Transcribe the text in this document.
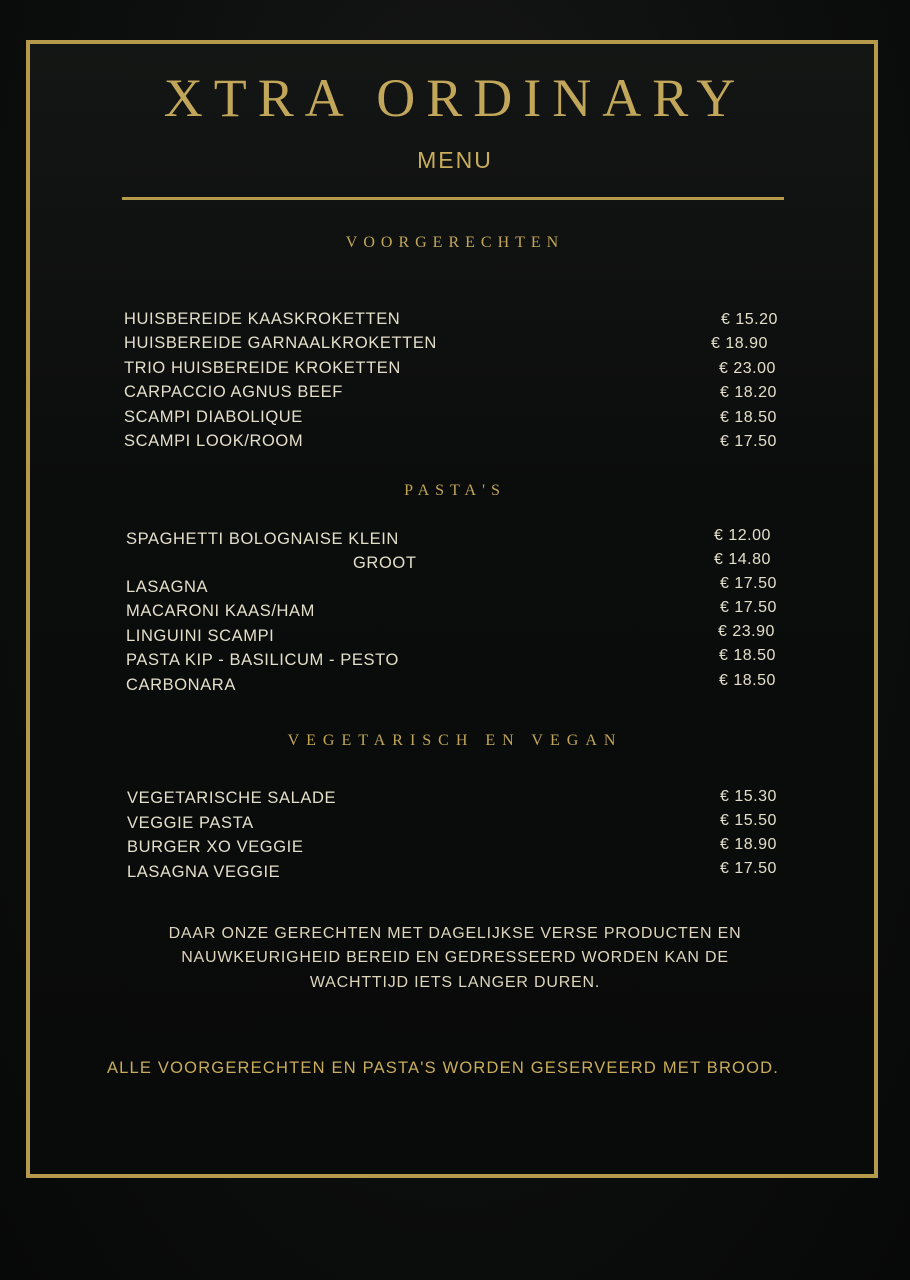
XTRA ORDINARY
MENU
VOORGERECHTEN
HUISBEREIDE KAASKROKETTEN	€ 15.20
HUISBEREIDE GARNAALKROKETTEN	€ 18.90
TRIO HUISBEREIDE KROKETTEN	€ 23.00
CARPACCIO AGNUS BEEF	€ 18.20
SCAMPI DIABOLIQUE	€ 18.50
SCAMPI LOOK/ROOM	€ 17.50
PASTA'S
SPAGHETTI BOLOGNAISE KLEIN	€ 12.00
GROOT	€ 14.80
LASAGNA	€ 17.50
MACARONI KAAS/HAM	€ 17.50
LINGUINI SCAMPI	€ 23.90
PASTA KIP - BASILICUM - PESTO	€ 18.50
CARBONARA	€ 18.50
VEGETARISCH EN VEGAN
VEGETARISCHE SALADE	€ 15.30
VEGGIE PASTA	€ 15.50
BURGER XO VEGGIE	€ 18.90
LASAGNA VEGGIE	€ 17.50
DAAR ONZE GERECHTEN MET DAGELIJKSE VERSE PRODUCTEN EN
NAUWKEURIGHEID BEREID EN GEDRESSEERD WORDEN KAN DE
WACHTTIJD IETS LANGER DUREN.
ALLE VOORGERECHTEN EN PASTA'S WORDEN GESERVEERD MET BROOD.
